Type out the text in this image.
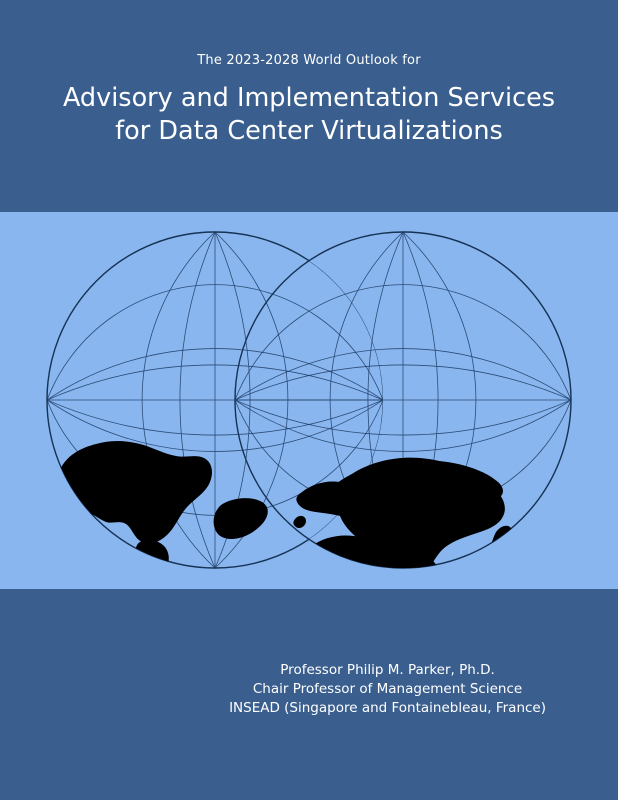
The 2023-2028 World Outlook for
Advisory and Implementation Services
for Data Center Virtualizations
Professor Philip M. Parker, Ph.D.
Chair Professor of Management Science
INSEAD (Singapore and Fontainebleau, France)
